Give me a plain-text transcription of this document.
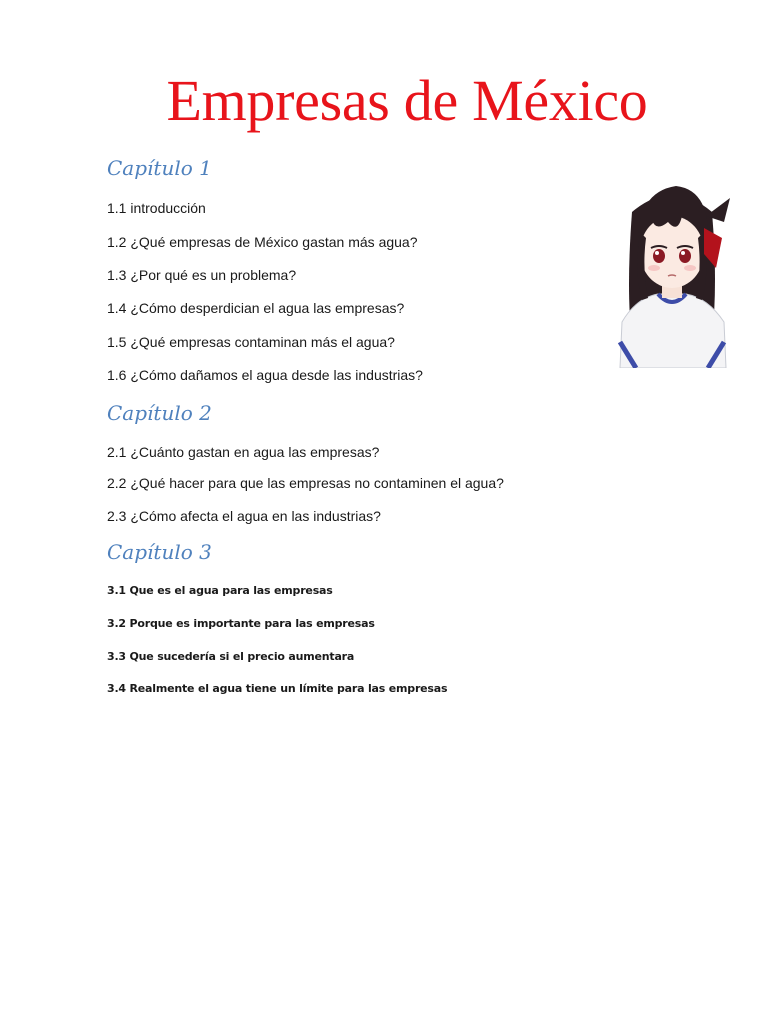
Empresas de México
Capítulo 1

1.1 introducción

1.2 ¿Qué empresas de México gastan más agua?

1.3 ¿Por qué es un problema?

1.4 ¿Cómo desperdician el agua las empresas?

1.5 ¿Qué empresas contaminan más el agua?

1.6 ¿Cómo dañamos el agua desde las industrias?

Capítulo 2

2.1 ¿Cuánto gastan en agua las empresas?

2.2 ¿Qué hacer para que las empresas no contaminen el agua?

2.3 ¿Cómo afecta el agua en las industrias?

Capítulo 3

3.1 Que es el agua para las empresas

3.2 Porque es importante para las empresas

3.3 Que sucedería si el precio aumentara

3.4 Realmente el agua tiene un límite para las empresas
